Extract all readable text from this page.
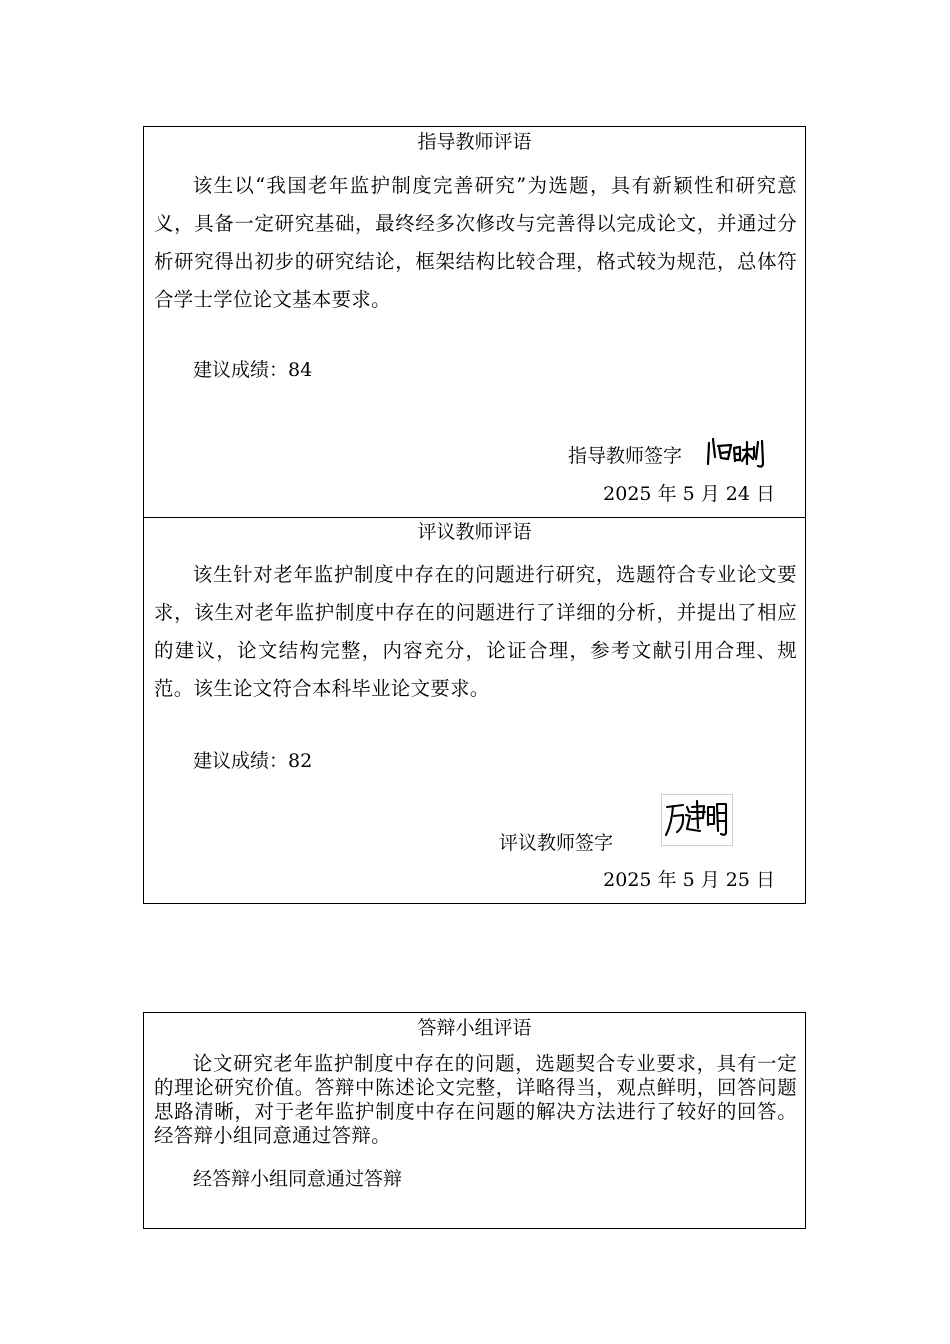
指导教师评语
该生以“我国老年监护制度完善研究”为选题，具有新颖性和研究意义，具备一定研究基础，最终经多次修改与完善得以完成论文，并通过分析研究得出初步的研究结论，框架结构比较合理，格式较为规范，总体符合学士学位论文基本要求。
建议成绩：84
指导教师签字
2025 年 5 月 24 日
评议教师评语
该生针对老年监护制度中存在的问题进行研究，选题符合专业论文要求，该生对老年监护制度中存在的问题进行了详细的分析，并提出了相应的建议，论文结构完整，内容充分，论证合理，参考文献引用合理、规范。该生论文符合本科毕业论文要求。
建议成绩：82
评议教师签字
2025 年 5 月 25 日
答辩小组评语
论文研究老年监护制度中存在的问题，选题契合专业要求，具有一定的理论研究价值。答辩中陈述论文完整，详略得当，观点鲜明，回答问题思路清晰，对于老年监护制度中存在问题的解决方法进行了较好的回答。经答辩小组同意通过答辩。
经答辩小组同意通过答辩
